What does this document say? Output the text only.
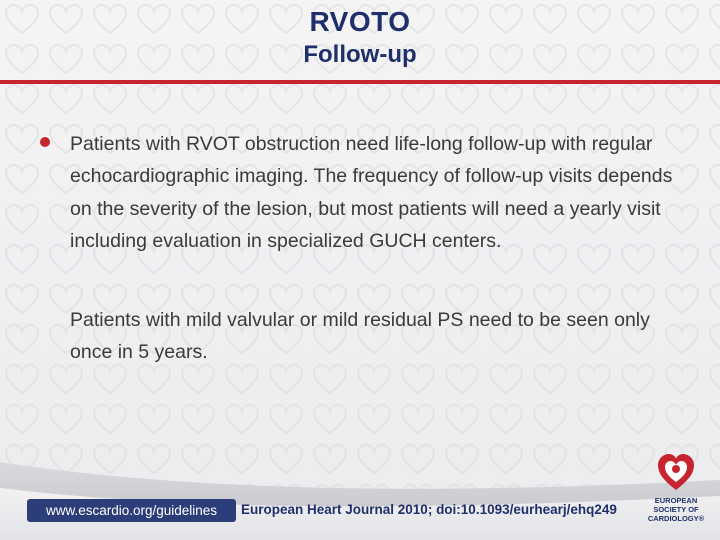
RVOTO
Follow-up
Patients with RVOT obstruction need life-long follow-up with regular echocardiographic imaging. The frequency of follow-up visits depends on the severity of the lesion, but most patients will need a yearly visit including evaluation in specialized GUCH centers.
Patients with mild valvular or mild residual PS need to be seen only once in 5 years.
www.escardio.org/guidelines	European Heart Journal 2010; doi:10.1093/eurhearj/ehq249
EUROPEAN
SOCIETY OF
CARDIOLOGY®
